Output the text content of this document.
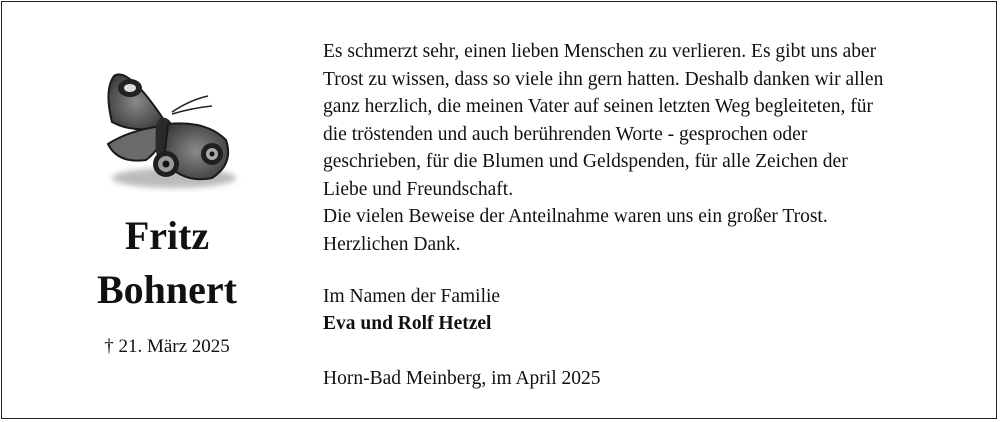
Fritz
Bohnert
† 21. März 2025

Es schmerzt sehr, einen lieben Menschen zu verlieren. Es gibt uns aber

Trost zu wissen, dass so viele ihn gern hatten. Deshalb danken wir allen

ganz herzlich, die meinen Vater auf seinen letzten Weg begleiteten, für

die tröstenden und auch berührenden Worte - gesprochen oder

geschrieben, für die Blumen und Geldspenden, für alle Zeichen der

Liebe und Freundschaft.

Die vielen Beweise der Anteilnahme waren uns ein großer Trost.

Herzlichen Dank.

Im Namen der Familie
Eva und Rolf Hetzel
Horn-Bad Meinberg, im April 2025
